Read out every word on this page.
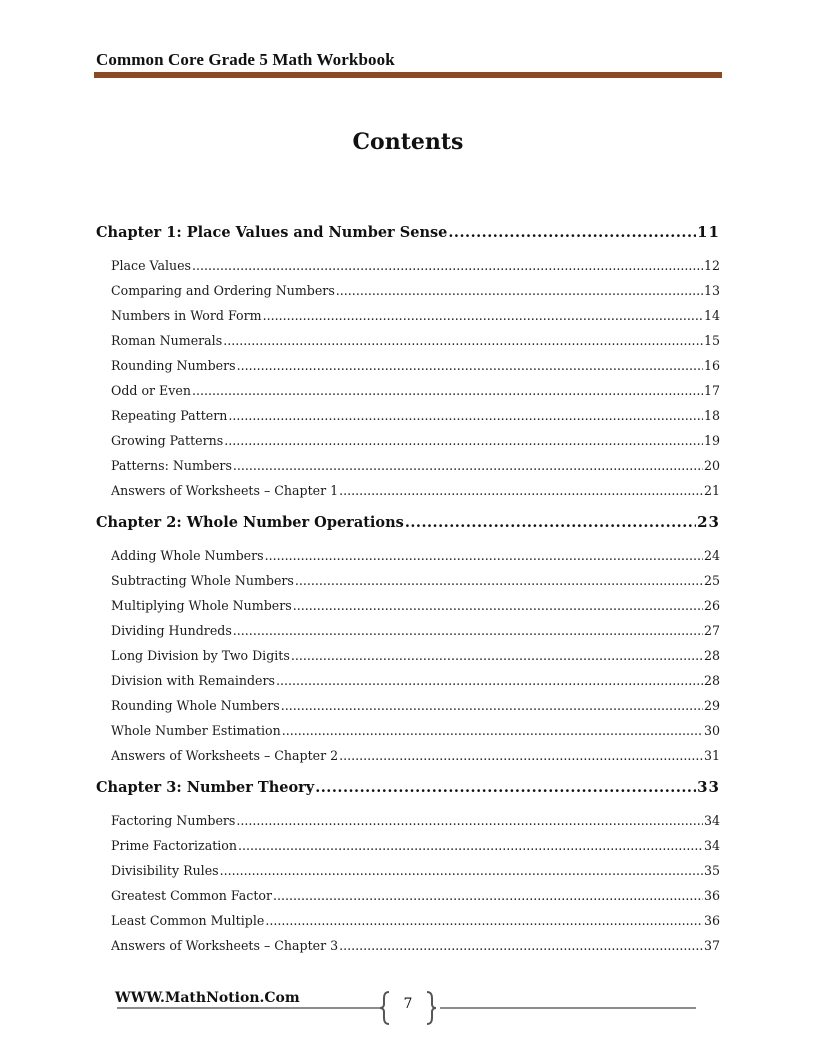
Common Core Grade 5 Math Workbook
Contents
Chapter 1: Place Values and Number Sense .....	11
Place Values .....	12
Comparing and Ordering Numbers .....	13
Numbers in Word Form .....	14
Roman Numerals .....	15
Rounding Numbers .....	16
Odd or Even .....	17
Repeating Pattern .....	18
Growing Patterns .....	19
Patterns: Numbers .....	20
Answers of Worksheets – Chapter 1 .....	21
Chapter 2: Whole Number Operations .....	23
Adding Whole Numbers .....	24
Subtracting Whole Numbers .....	25
Multiplying Whole Numbers .....	26
Dividing Hundreds .....	27
Long Division by Two Digits .....	28
Division with Remainders .....	28
Rounding Whole Numbers .....	29
Whole Number Estimation .....	30
Answers of Worksheets – Chapter 2 .....	31
Chapter 3: Number Theory .....	33
Factoring Numbers .....	34
Prime Factorization .....	34
Divisibility Rules .....	35
Greatest Common Factor .....	36
Least Common Multiple .....	36
Answers of Worksheets – Chapter 3 .....	37
WWW.MathNotion.Com	7
